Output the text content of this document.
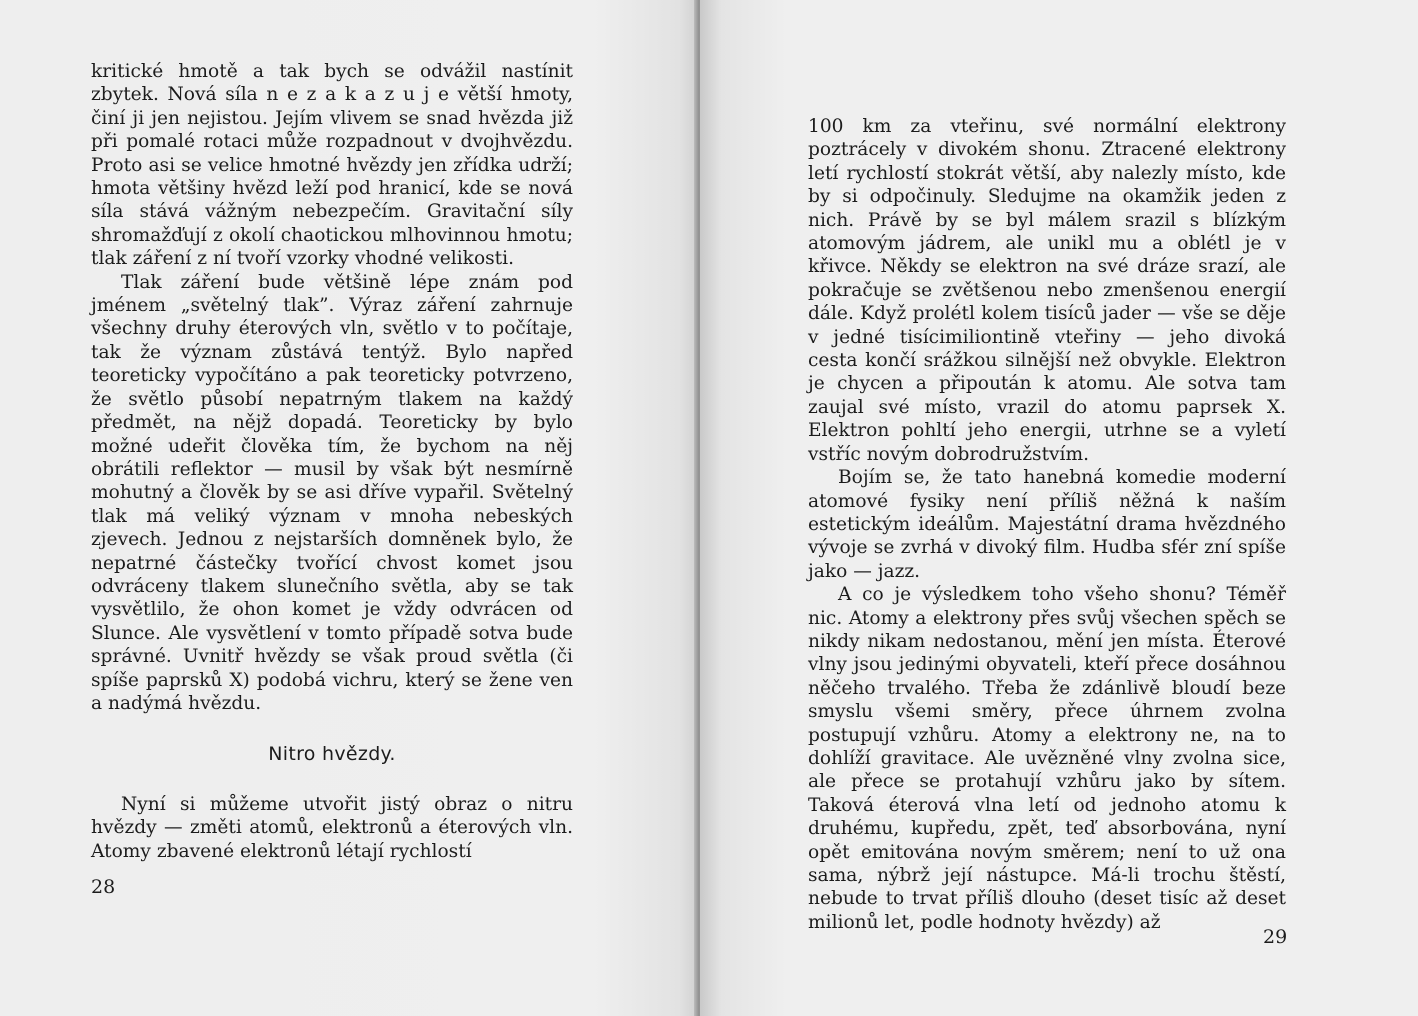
kritické hmotě a tak bych se odvážil nastínit zbytek. Nová síla n e z a k a z u j e větší hmoty, činí ji jen nejistou. Jejím vlivem se snad hvězda již při pomalé rotaci může rozpadnout v dvojhvězdu. Proto asi se velice hmotné hvězdy jen zřídka udrží; hmota většiny hvězd leží pod hranicí, kde se nová síla stává vážným nebezpečím. Gravitační síly shromažďují z okolí chaotickou mlhovinnou hmotu; tlak záření z ní tvoří vzorky vhodné velikosti.

Tlak záření bude většině lépe znám pod jménem „světelný tlak”. Výraz záření zahrnuje všechny druhy éterových vln, světlo v to počítaje, tak že význam zůstává tentýž. Bylo napřed teoreticky vypočítáno a pak teoreticky potvrzeno, že světlo působí nepatrným tlakem na každý předmět, na nějž dopadá. Teoreticky by bylo možné udeřit člověka tím, že bychom na něj obrátili reflektor — musil by však být nesmírně mohutný a člověk by se asi dříve vypařil. Světelný tlak má veliký význam v mnoha nebeských zjevech. Jednou z nejstarších domněnek bylo, že nepatrné částečky tvořící chvost komet jsou odvráceny tlakem slunečního světla, aby se tak vysvětlilo, že ohon komet je vždy odvrácen od Slunce. Ale vysvětlení v tomto případě sotva bude správné. Uvnitř hvězdy se však proud světla (či spíše paprsků X) podobá vichru, který se žene ven a nadýmá hvězdu.

Nitro hvězdy.

Nyní si můžeme utvořit jistý obraz o nitru hvězdy — změti atomů, elektronů a éterových vln. Atomy zbavené elektronů létají rychlostí

28

100 km za vteřinu, své normální elektrony poztrácely v divokém shonu. Ztracené elektrony letí rychlostí stokrát větší, aby nalezly místo, kde by si odpočinuly. Sledujme na okamžik jeden z nich. Právě by se byl málem srazil s blízkým atomovým jádrem, ale unikl mu a oblétl je v křivce. Někdy se elektron na své dráze srazí, ale pokračuje se zvětšenou nebo zmenšenou energií dále. Když prolétl kolem tisíců jader — vše se děje v jedné tisícimiliontině vteřiny — jeho divoká cesta končí srážkou silnější než obvykle. Elektron je chycen a připoután k atomu. Ale sotva tam zaujal své místo, vrazil do atomu paprsek X. Elektron pohltí jeho energii, utrhne se a vyletí vstříc novým dobrodružstvím.

Bojím se, že tato hanebná komedie moderní atomové fysiky není příliš něžná k naším estetickým ideálům. Majestátní drama hvězdného vývoje se zvrhá v divoký film. Hudba sfér zní spíše jako — jazz.

A co je výsledkem toho všeho shonu? Téměř nic. Atomy a elektrony přes svůj všechen spěch se nikdy nikam nedostanou, mění jen místa. Éterové vlny jsou jedinými obyvateli, kteří přece dosáhnou něčeho trvalého. Třeba že zdánlivě bloudí beze smyslu všemi směry, přece úhrnem zvolna postupují vzhůru. Atomy a elektrony ne, na to dohlíží gravitace. Ale uvězněné vlny zvolna sice, ale přece se protahují vzhůru jako by sítem. Taková éterová vlna letí od jednoho atomu k druhému, kupředu, zpět, teď absorbována, nyní opět emitována novým směrem; není to už ona sama, nýbrž její nástupce. Má-li trochu štěstí, nebude to trvat příliš dlouho (deset tisíc až deset milionů let, podle hodnoty hvězdy) až

29
